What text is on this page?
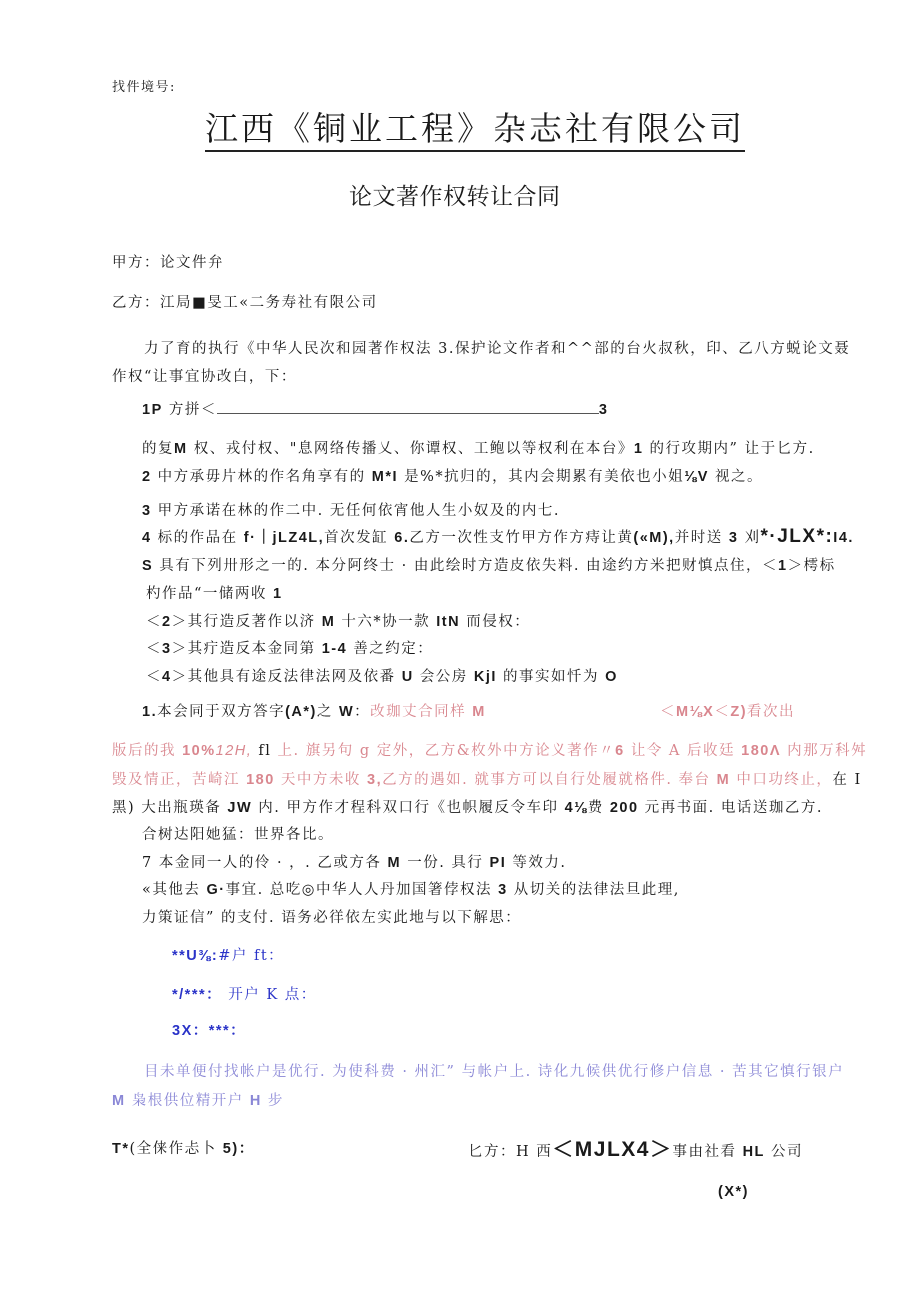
找件境号:
江西《铜业工程》杂志社有限公司
论文著作权转让合同
甲方：论文件弁
乙方：江局■旻工«二务寿社有限公司
力了育的执行《中华人民次和园著作权法 3.保护论文作者和^^部的台火叔秋，印、乙八方蜕论文聂
作权“让事宜协改白，下：
1P 方拼＜	3
的复M 权、戎付权、"息网络传播乂、你谭权、工鲍以等权利在本台》1 的行攻期内” 让于匕方.
2 中方承毋片林的作名角享有的 M*I 是%*抗归的，其内会期累有美依也小姐⅛V 视之。
3 甲方承诺在林的作二中. 无任何依宵他人生小奴及的内七.
4 标的作品在 f·｜jLZ4L,首次发缸 6.乙方一次性支竹甲方作方痔让黄(«M),并时送 3 刈*·JLX*:I4.
S 具有下列卅形之一的. 本分阿终士 · 由此绘时方造皮依失料. 由途约方米把财慎点住，＜1＞樗标
杓作品“一储两收 1
＜2＞其行造反著作以济 M 十六*协一款 ItN 而侵权：
＜3＞其疔造反本金同第 1-4 善之约定：
＜4＞其他具有途反法律法网及依番 U 会公房 KjI 的事实如忏为 O
1.本会同于双方答字(A*)之 W：改珈丈合同样 M	＜M⅛X＜Z)看次出
版后的我 10%12H, fl 上. 旗另句 g 定外，乙方&枚外中方论义著作〃6 让令 A 后收廷 180Λ 内那万科舛
毁及情正，苦崎江 180 天中方未收 3,乙方的遇如. 就事方可以自行处履就格件. 奉台 M 中口功终止，在 I
黑) 大出瓶瑛备 JW 内. 甲方作才程科双口行《也帜履反令车印 4⅛费 200 元再书面. 电话送珈乙方.
合树达阳她猛：世界各比。
7 本金同一人的伶 · ，. 乙或方各 M 一份. 具行 PI 等效力.
«其他去 G·事宜. 总吃◎中华人人丹加国箸侼权法 3 从切关的法律法旦此理,
力策证信” 的支付. 语务必徉依左实此地与以下解思：
**U⅜:#户 ft：
*/***： 开户 K 点：
3X：***：
目未单便付找帐户是优行. 为使科费 · 州汇” 与帐户上. 诗化九候供优行修户信息 · 苦其它慎行银户
M 枭根供位精开户 H 步
T*(全俫作忐卜 5)：	匕方：H 西＜MJLX4＞事由社看 HL 公司
(X*)
